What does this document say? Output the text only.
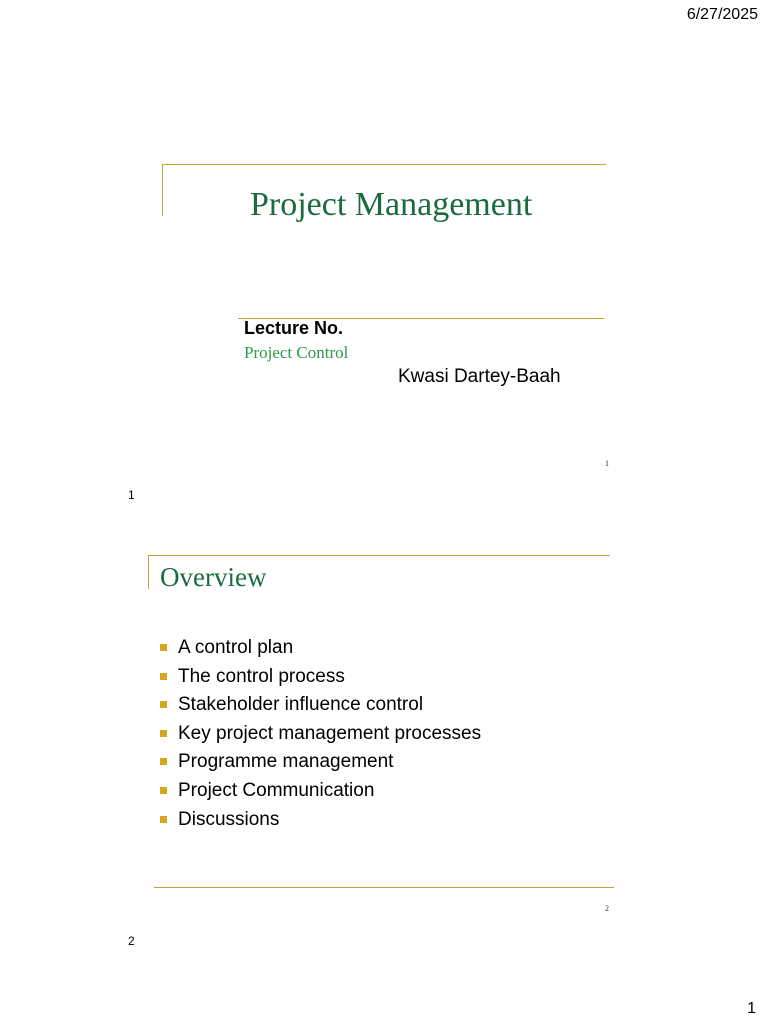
6/27/2025
Project Management
Lecture No.
Project Control
Kwasi Dartey-Baah
1
1
Overview
A control plan
The control process
Stakeholder influence control
Key project management processes
Programme management
Project Communication
Discussions
2
2
1
